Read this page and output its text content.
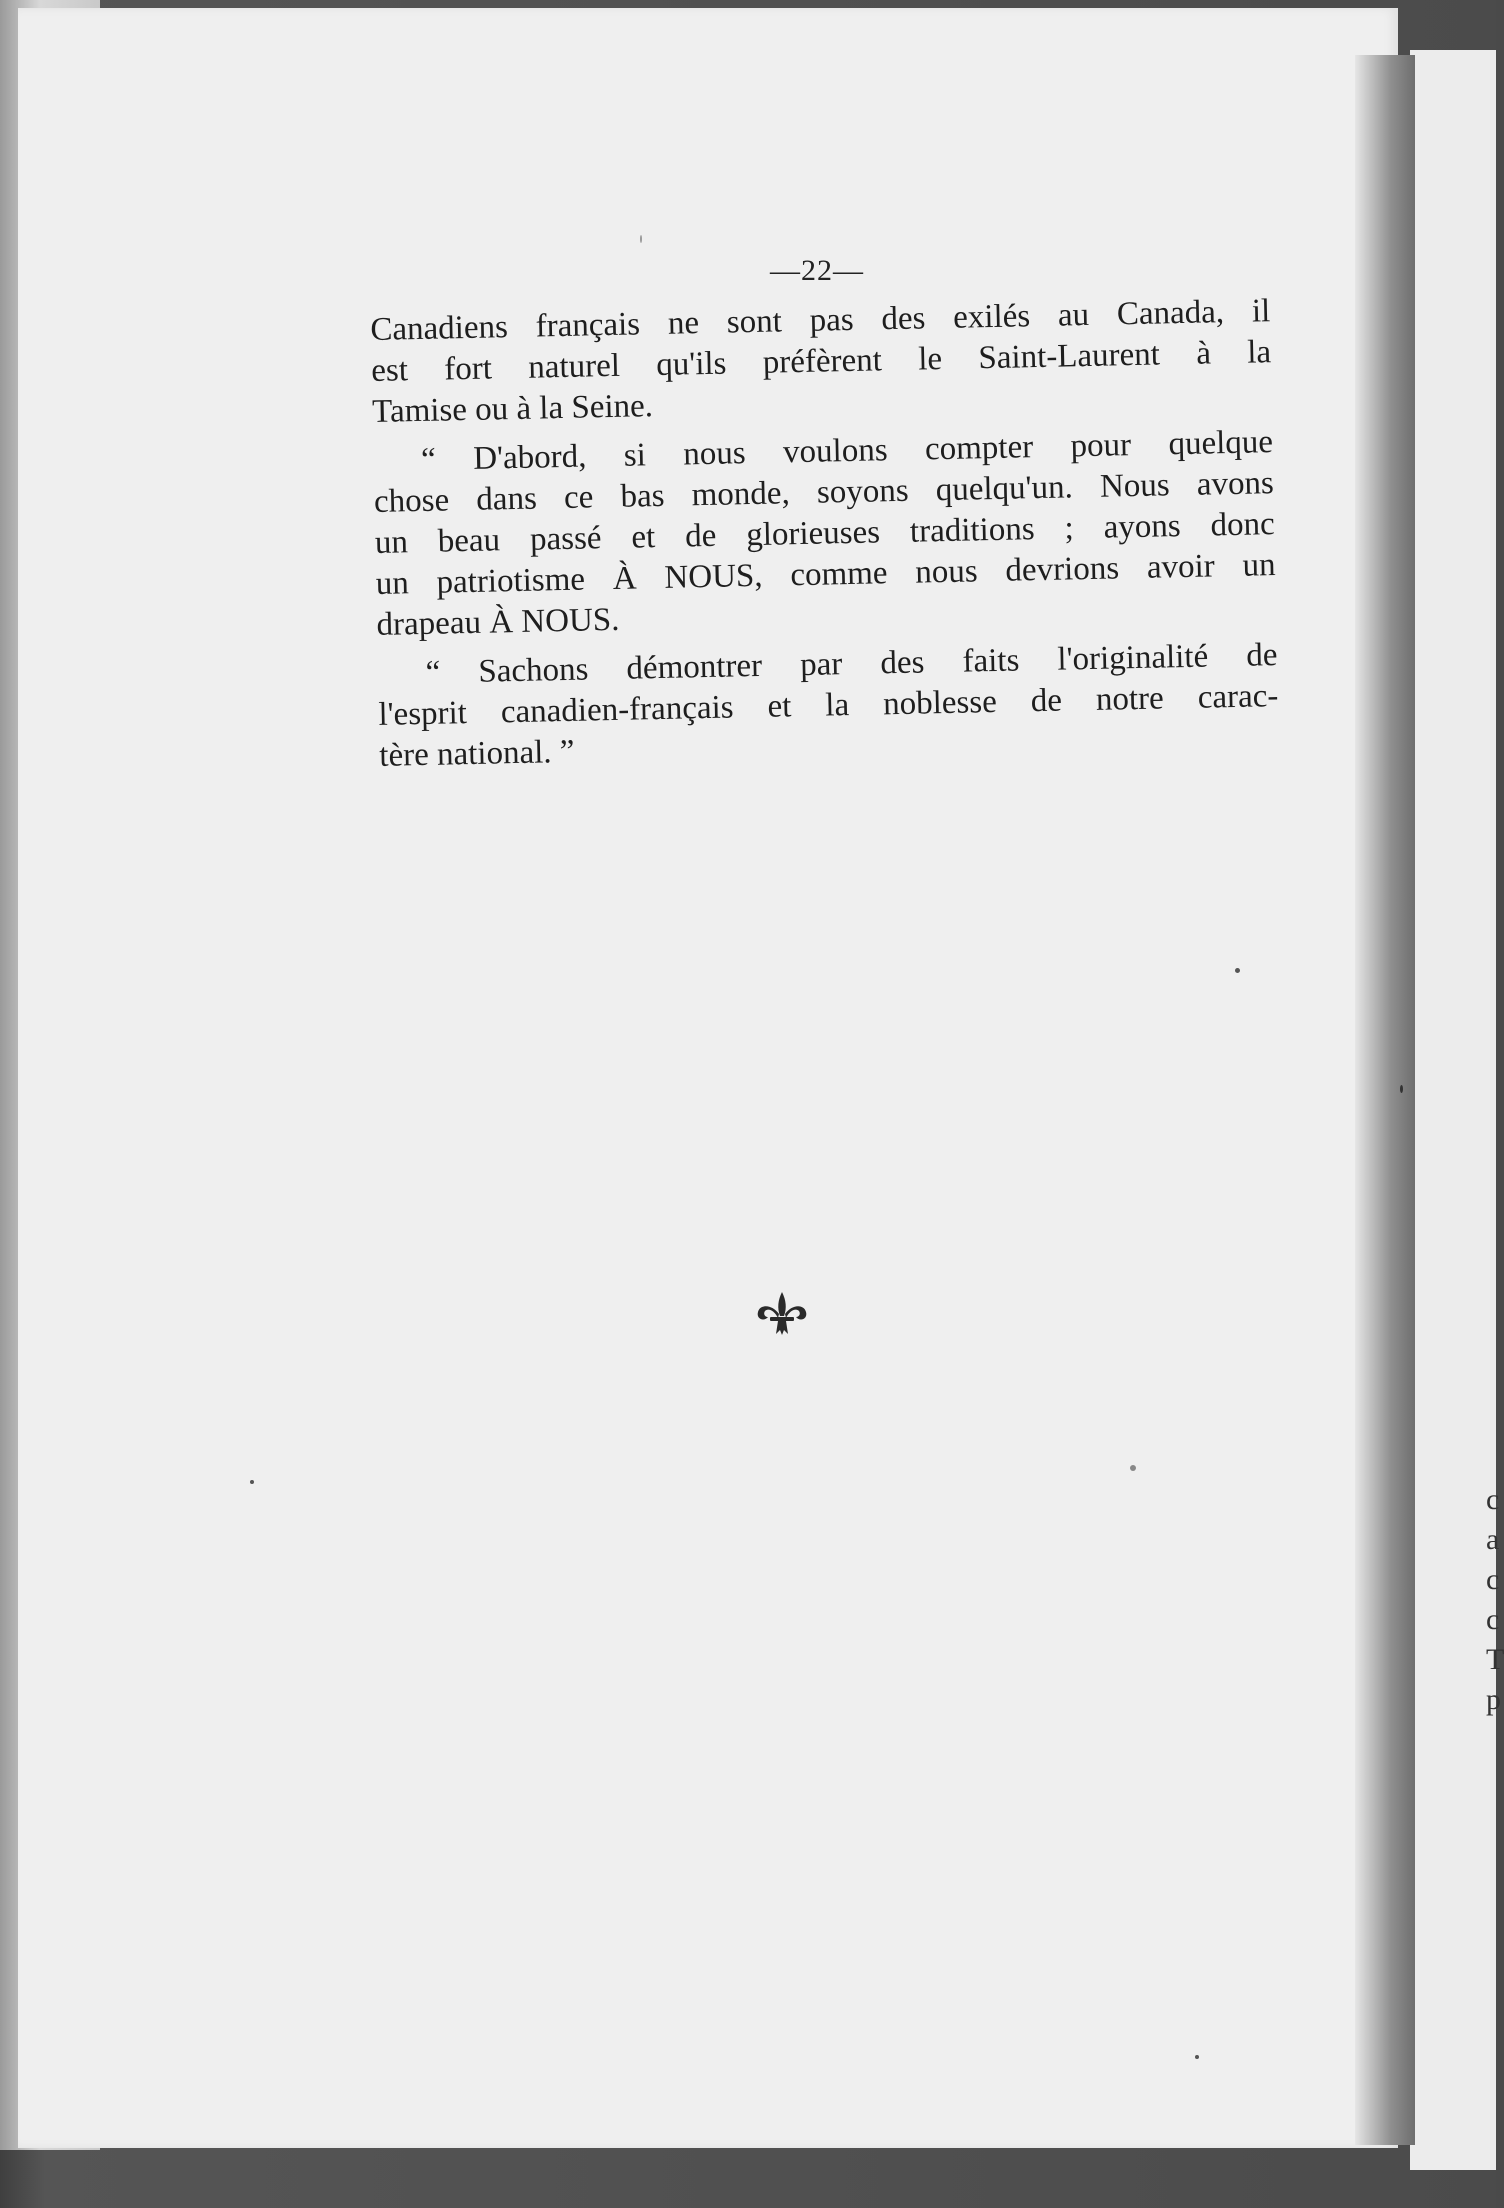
c
a
c
c
T
p
—22—

Canadiens français ne sont pas des exilés au Canada, il
est fort naturel qu'ils préfèrent le Saint-Laurent à la
Tamise ou à la Seine.

“ D'abord, si nous voulons compter pour quelque
chose dans ce bas monde, soyons quelqu'un. Nous avons
un beau passé et de glorieuses traditions ; ayons donc
un patriotisme À NOUS, comme nous devrions avoir un
drapeau À NOUS.

“ Sachons démontrer par des faits l'originalité de
l'esprit canadien-français et la noblesse de notre carac-
tère national. ”
